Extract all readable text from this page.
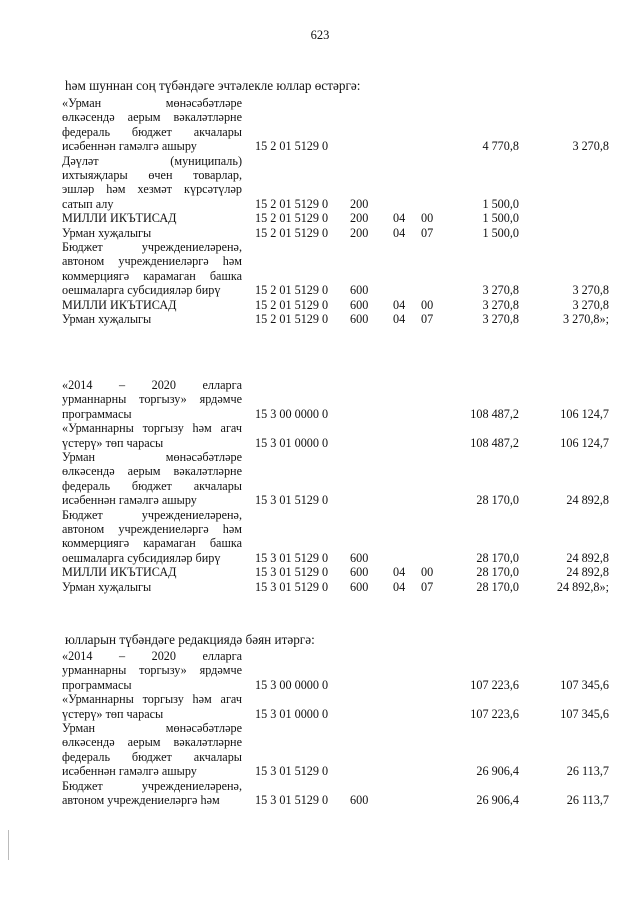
623
һәм шуннан соң түбәндәге эчтәлекле юллар өстәргә:
«Урман мөнәсәбәтләре
өлкәсендә аерым вәкаләтләрне
федераль бюджет акчалары
исәбеннән гамәлгә ашыру	15 2 01 5129 0	4 770,8	3 270,8
Дәүләт (муниципаль)
ихтыяҗлары өчен товарлар,
эшләр һәм хезмәт күрсәтүләр
сатып алу	15 2 01 5129 0 200	1 500,0
МИЛЛИ ИКЪТИСАД	15 2 01 5129 0 200 04 00	1 500,0
Урман хуҗалыгы	15 2 01 5129 0 200 04 07	1 500,0
Бюджет учреждениеләренә,
автоном учреждениеләргә һәм
коммерциягә карамаган башка
оешмаларга субсидияләр бирү	15 2 01 5129 0 600	3 270,8	3 270,8
МИЛЛИ ИКЪТИСАД	15 2 01 5129 0 600 04 00	3 270,8	3 270,8
Урман хуҗалыгы	15 2 01 5129 0 600 04 07	3 270,8	3 270,8»;
«2014 – 2020 елларга
урманнарны торгызу» ярдәмче
программасы	15 3 00 0000 0	108 487,2	106 124,7
«Урманнарны торгызу һәм агач
үстерү» төп чарасы	15 3 01 0000 0	108 487,2	106 124,7
Урман мөнәсәбәтләре
өлкәсендә аерым вәкаләтләрне
федераль бюджет акчалары
исәбеннән гамәлгә ашыру	15 3 01 5129 0	28 170,0	24 892,8
Бюджет учреждениеләренә,
автоном учреждениеләргә һәм
коммерциягә карамаган башка
оешмаларга субсидияләр бирү	15 3 01 5129 0 600	28 170,0	24 892,8
МИЛЛИ ИКЪТИСАД	15 3 01 5129 0 600 04 00	28 170,0	24 892,8
Урман хуҗалыгы	15 3 01 5129 0 600 04 07	28 170,0	24 892,8»;
юлларын түбәндәге редакциядә бәян итәргә:
«2014 – 2020 елларга
урманнарны торгызу» ярдәмче
программасы	15 3 00 0000 0	107 223,6	107 345,6
«Урманнарны торгызу һәм агач
үстерү» төп чарасы	15 3 01 0000 0	107 223,6	107 345,6
Урман мөнәсәбәтләре
өлкәсендә аерым вәкаләтләрне
федераль бюджет акчалары
исәбеннән гамәлгә ашыру	15 3 01 5129 0	26 906,4	26 113,7
Бюджет учреждениеләренә,
автоном учреждениеләргә һәм	15 3 01 5129 0 600	26 906,4	26 113,7
